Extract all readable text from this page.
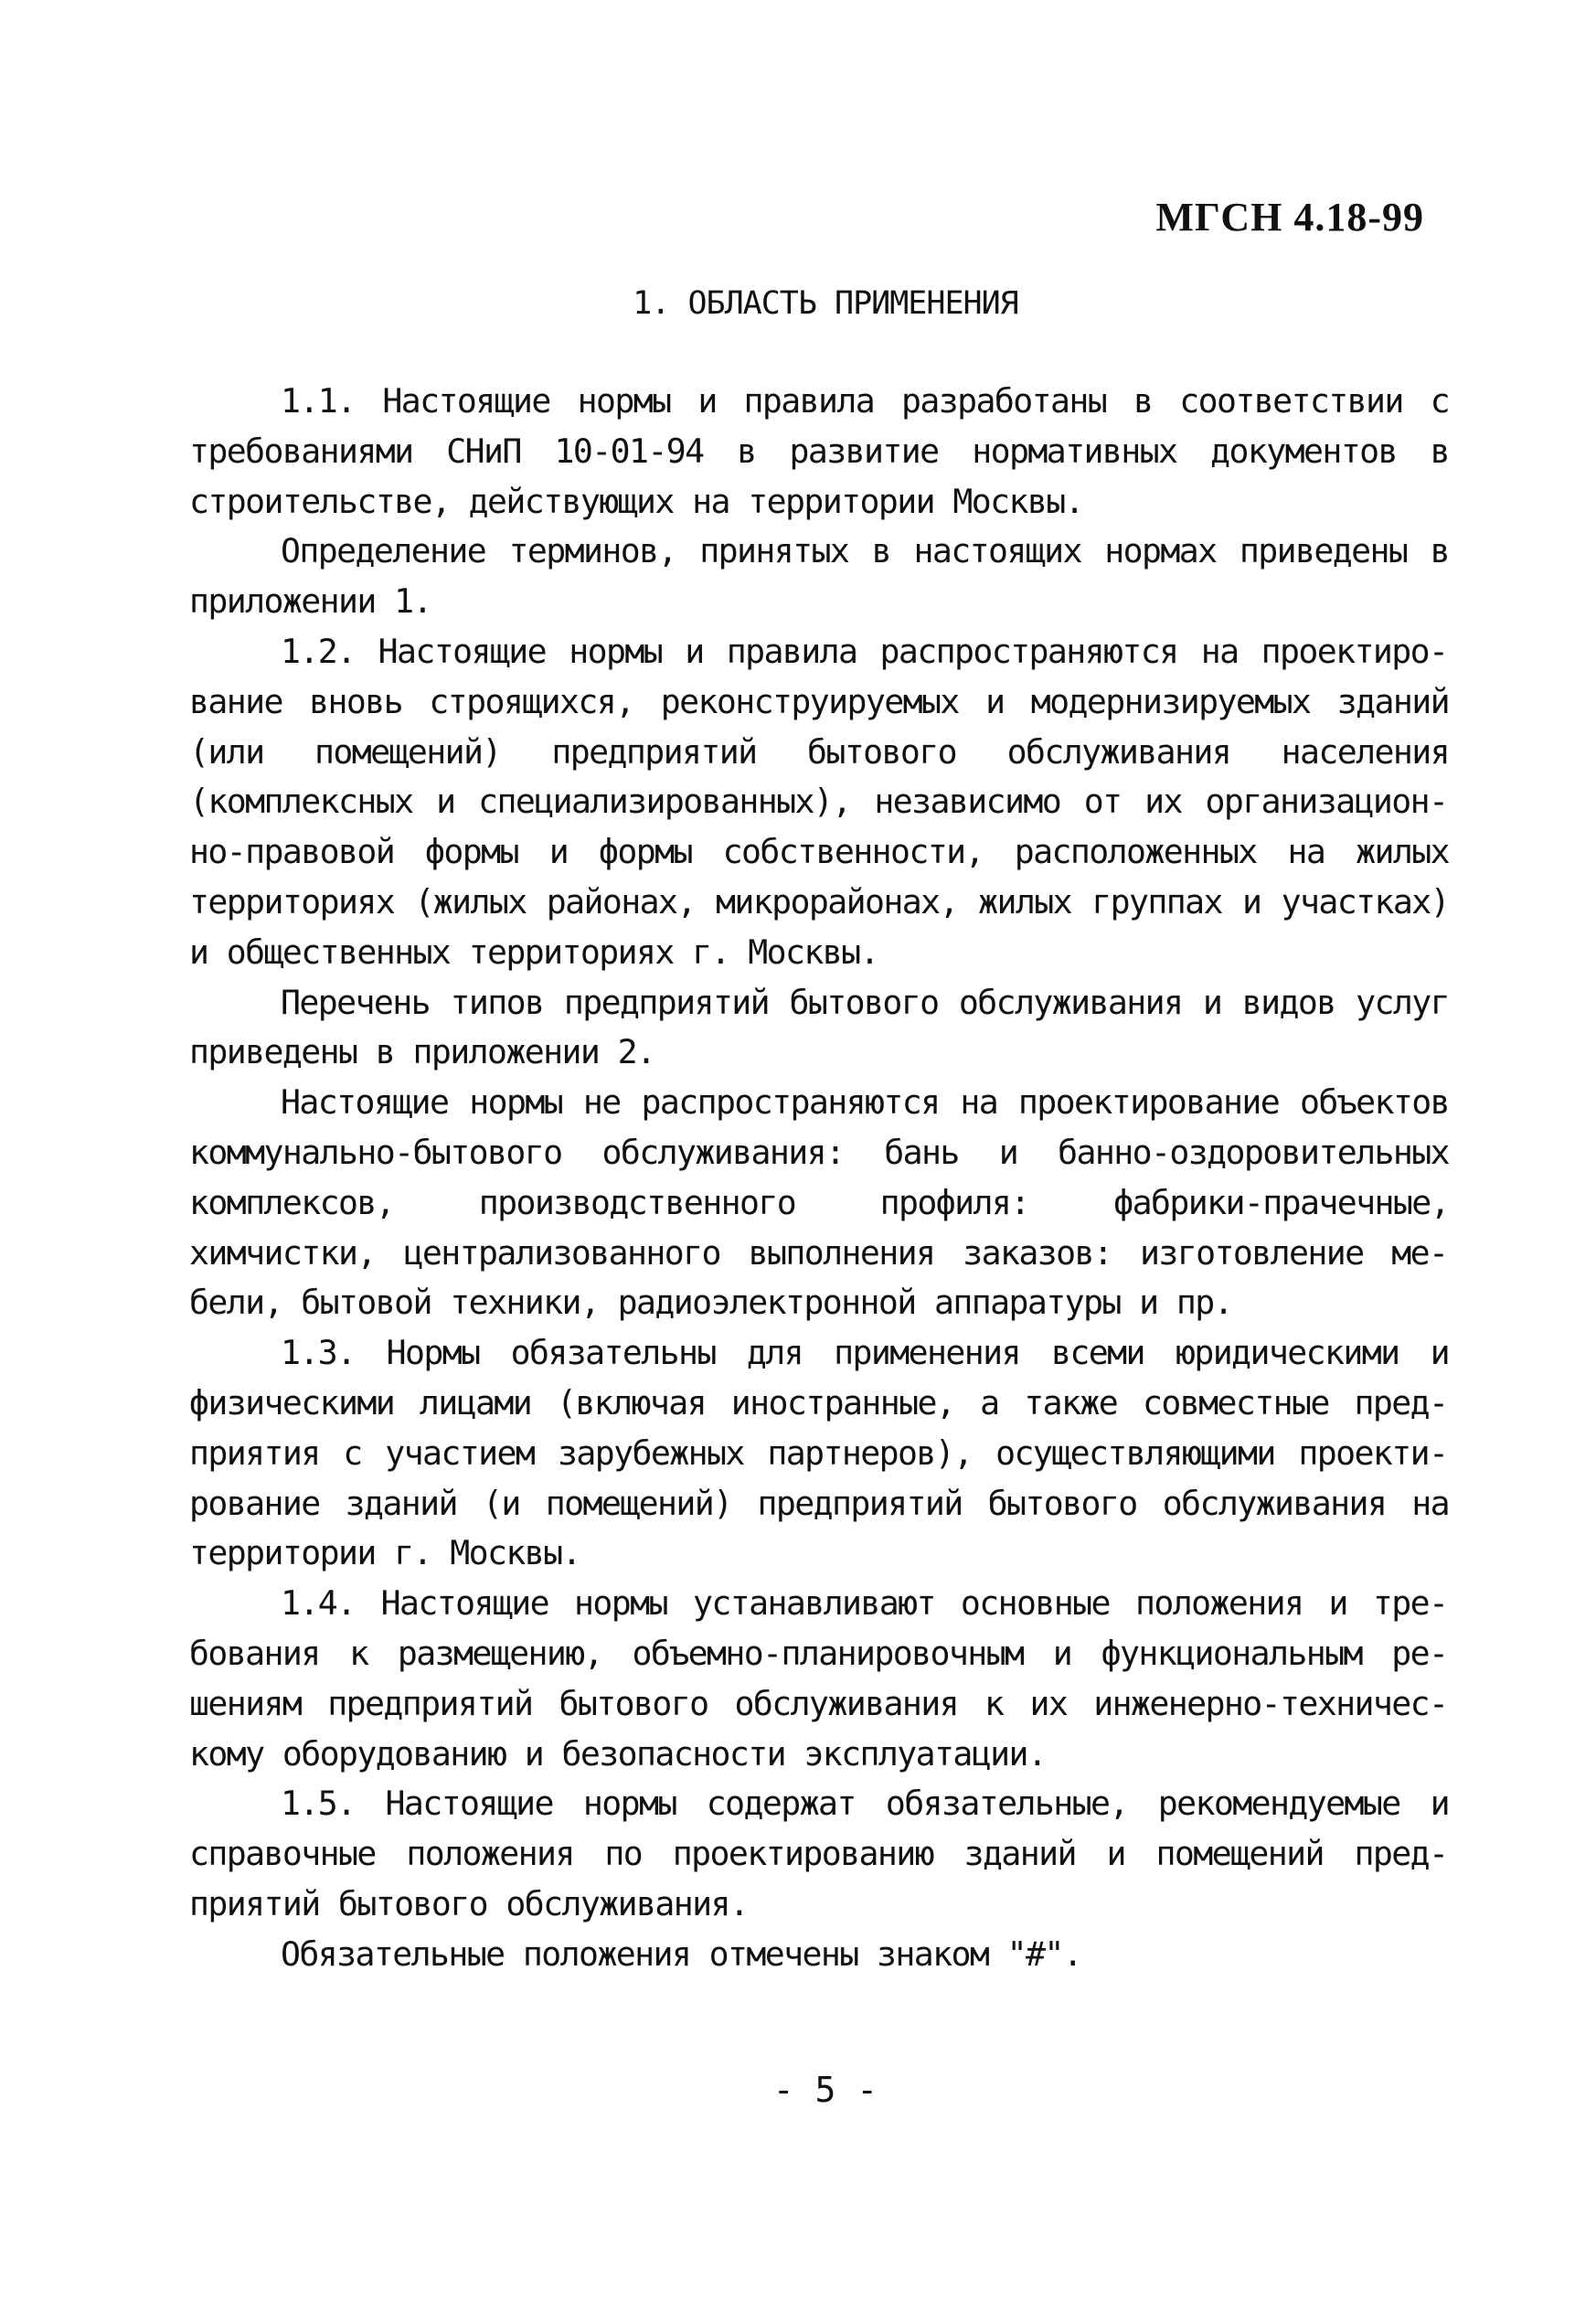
МГСН 4.18-99
1. ОБЛАСТЬ ПРИМЕНЕНИЯ

1.1. Настоящие нормы и правила разработаны в соответствии с требованиями СНиП 10-01-94 в развитие нормативных документов в строительстве, действующих на территории Москвы.

Определение терминов, принятых в настоящих нормах приведены в приложении 1.

1.2. Настоящие нормы и правила распространяются на проектирование вновь строящихся, реконструируемых и модернизируемых зданий (или помещений) предприятий бытового обслуживания населения (комплексных и специализированных), независимо от их организационно-правовой формы и формы собственности, расположенных на жилых территориях (жилых районах, микрорайонах, жилых группах и участках) и общественных территориях г. Москвы.

Перечень типов предприятий бытового обслуживания и видов услуг приведены в приложении 2.

Настоящие нормы не распространяются на проектирование объектов коммунально-бытового обслуживания: бань и банно-оздоровительных комплексов, производственного профиля: фабрики-прачечные, химчистки, централизованного выполнения заказов: изготовление мебели, бытовой техники, радиоэлектронной аппаратуры и пр.

1.3. Нормы обязательны для применения всеми юридическими и физическими лицами (включая иностранные, а также совместные предприятия с участием зарубежных партнеров), осуществляющими проектирование зданий (и помещений) предприятий бытового обслуживания на территории г. Москвы.

1.4. Настоящие нормы устанавливают основные положения и требования к размещению, объемно-планировочным и функциональным решениям предприятий бытового обслуживания к их инженерно-техническому оборудованию и безопасности эксплуатации.

1.5. Настоящие нормы содержат обязательные, рекомендуемые и справочные положения по проектированию зданий и помещений предприятий бытового обслуживания.

Обязательные положения отмечены знаком "#".

- 5 -
